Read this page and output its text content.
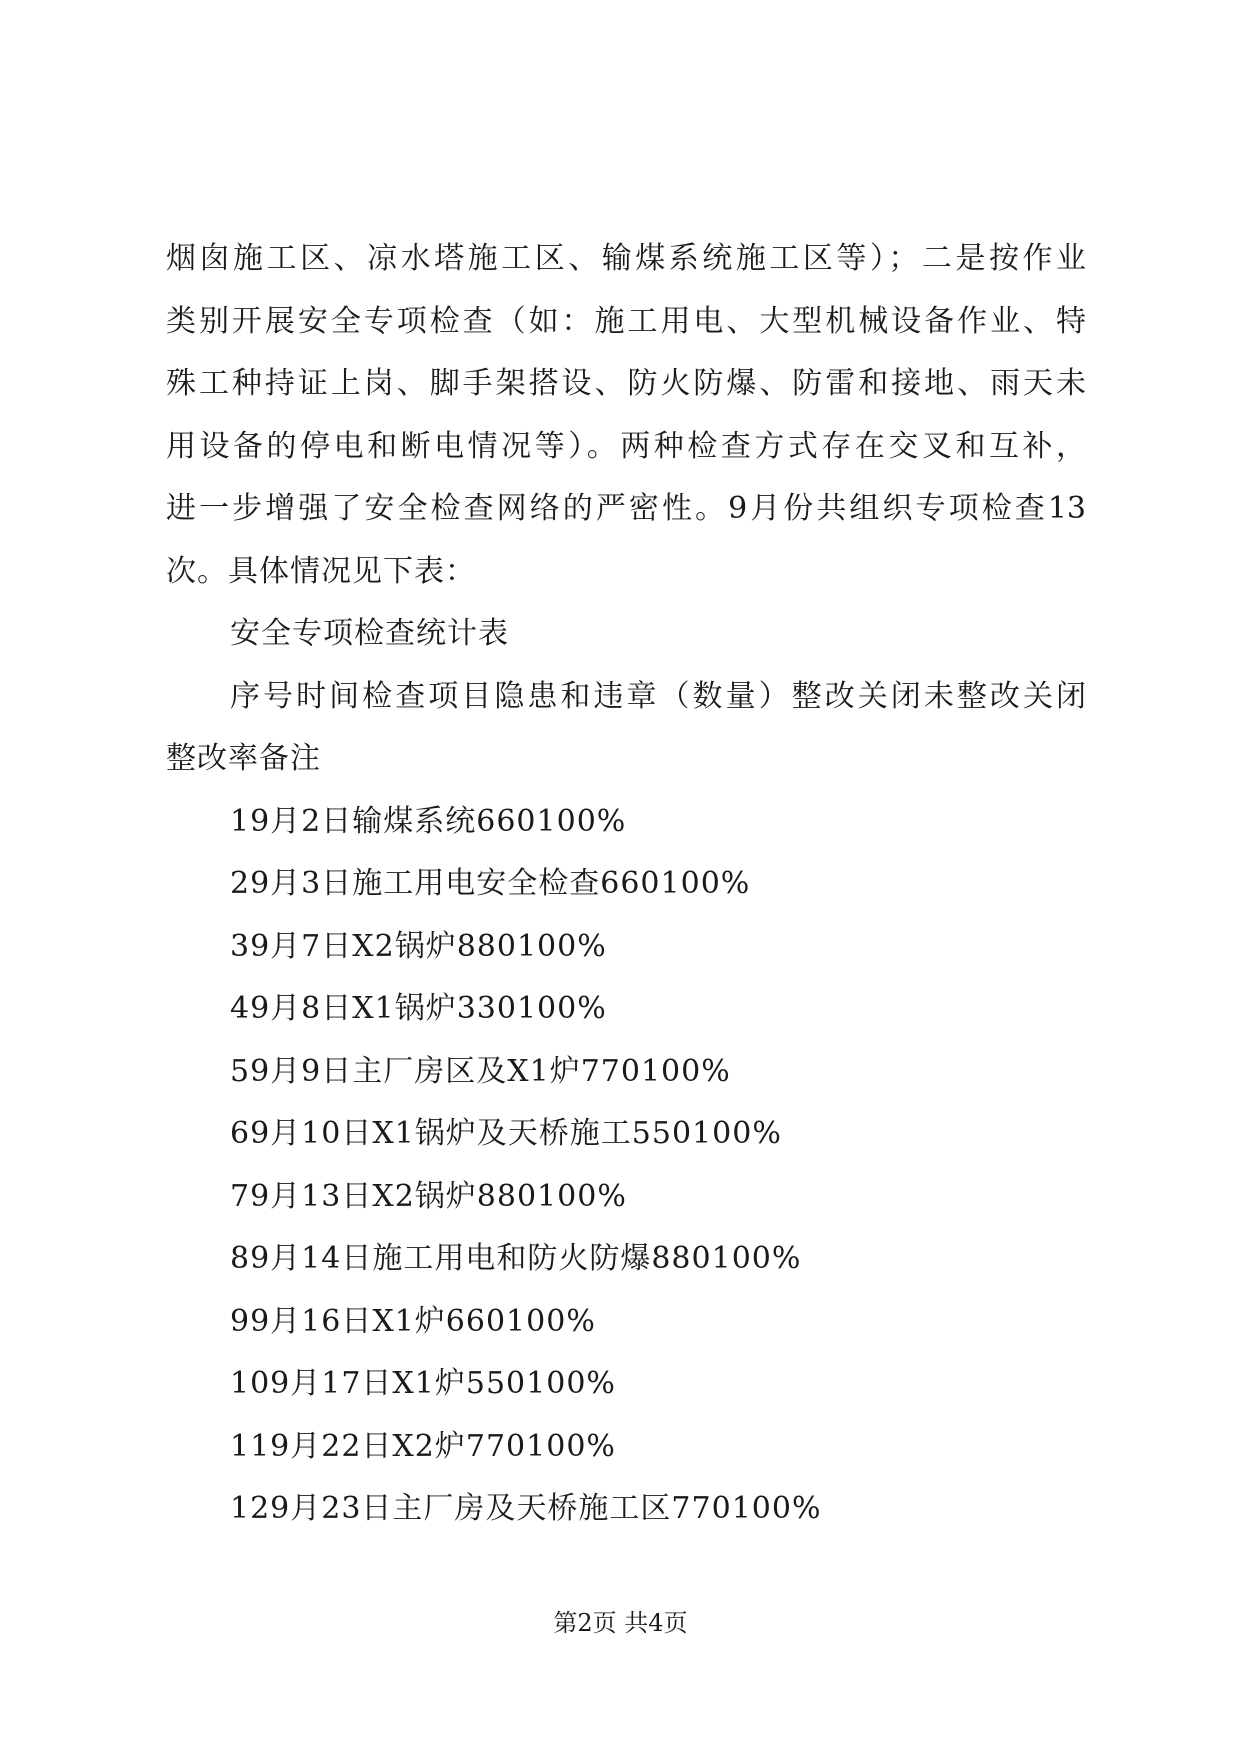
烟囱施工区、凉水塔施工区、输煤系统施工区等）；二是按作业
类别开展安全专项检查（如：施工用电、大型机械设备作业、特
殊工种持证上岗、脚手架搭设、防火防爆、防雷和接地、雨天未
用设备的停电和断电情况等）。两种检查方式存在交叉和互补，
进一步增强了安全检查网络的严密性。9月份共组织专项检查13
次。具体情况见下表：
安全专项检查统计表
序号时间检查项目隐患和违章（数量）整改关闭未整改关闭
整改率备注
19月2日输煤系统660100%
29月3日施工用电安全检查660100%
39月7日X2锅炉880100%
49月8日X1锅炉330100%
59月9日主厂房区及X1炉770100%
69月10日X1锅炉及天桥施工550100%
79月13日X2锅炉880100%
89月14日施工用电和防火防爆880100%
99月16日X1炉660100%
109月17日X1炉550100%
119月22日X2炉770100%
129月23日主厂房及天桥施工区770100%
第2页 共4页
